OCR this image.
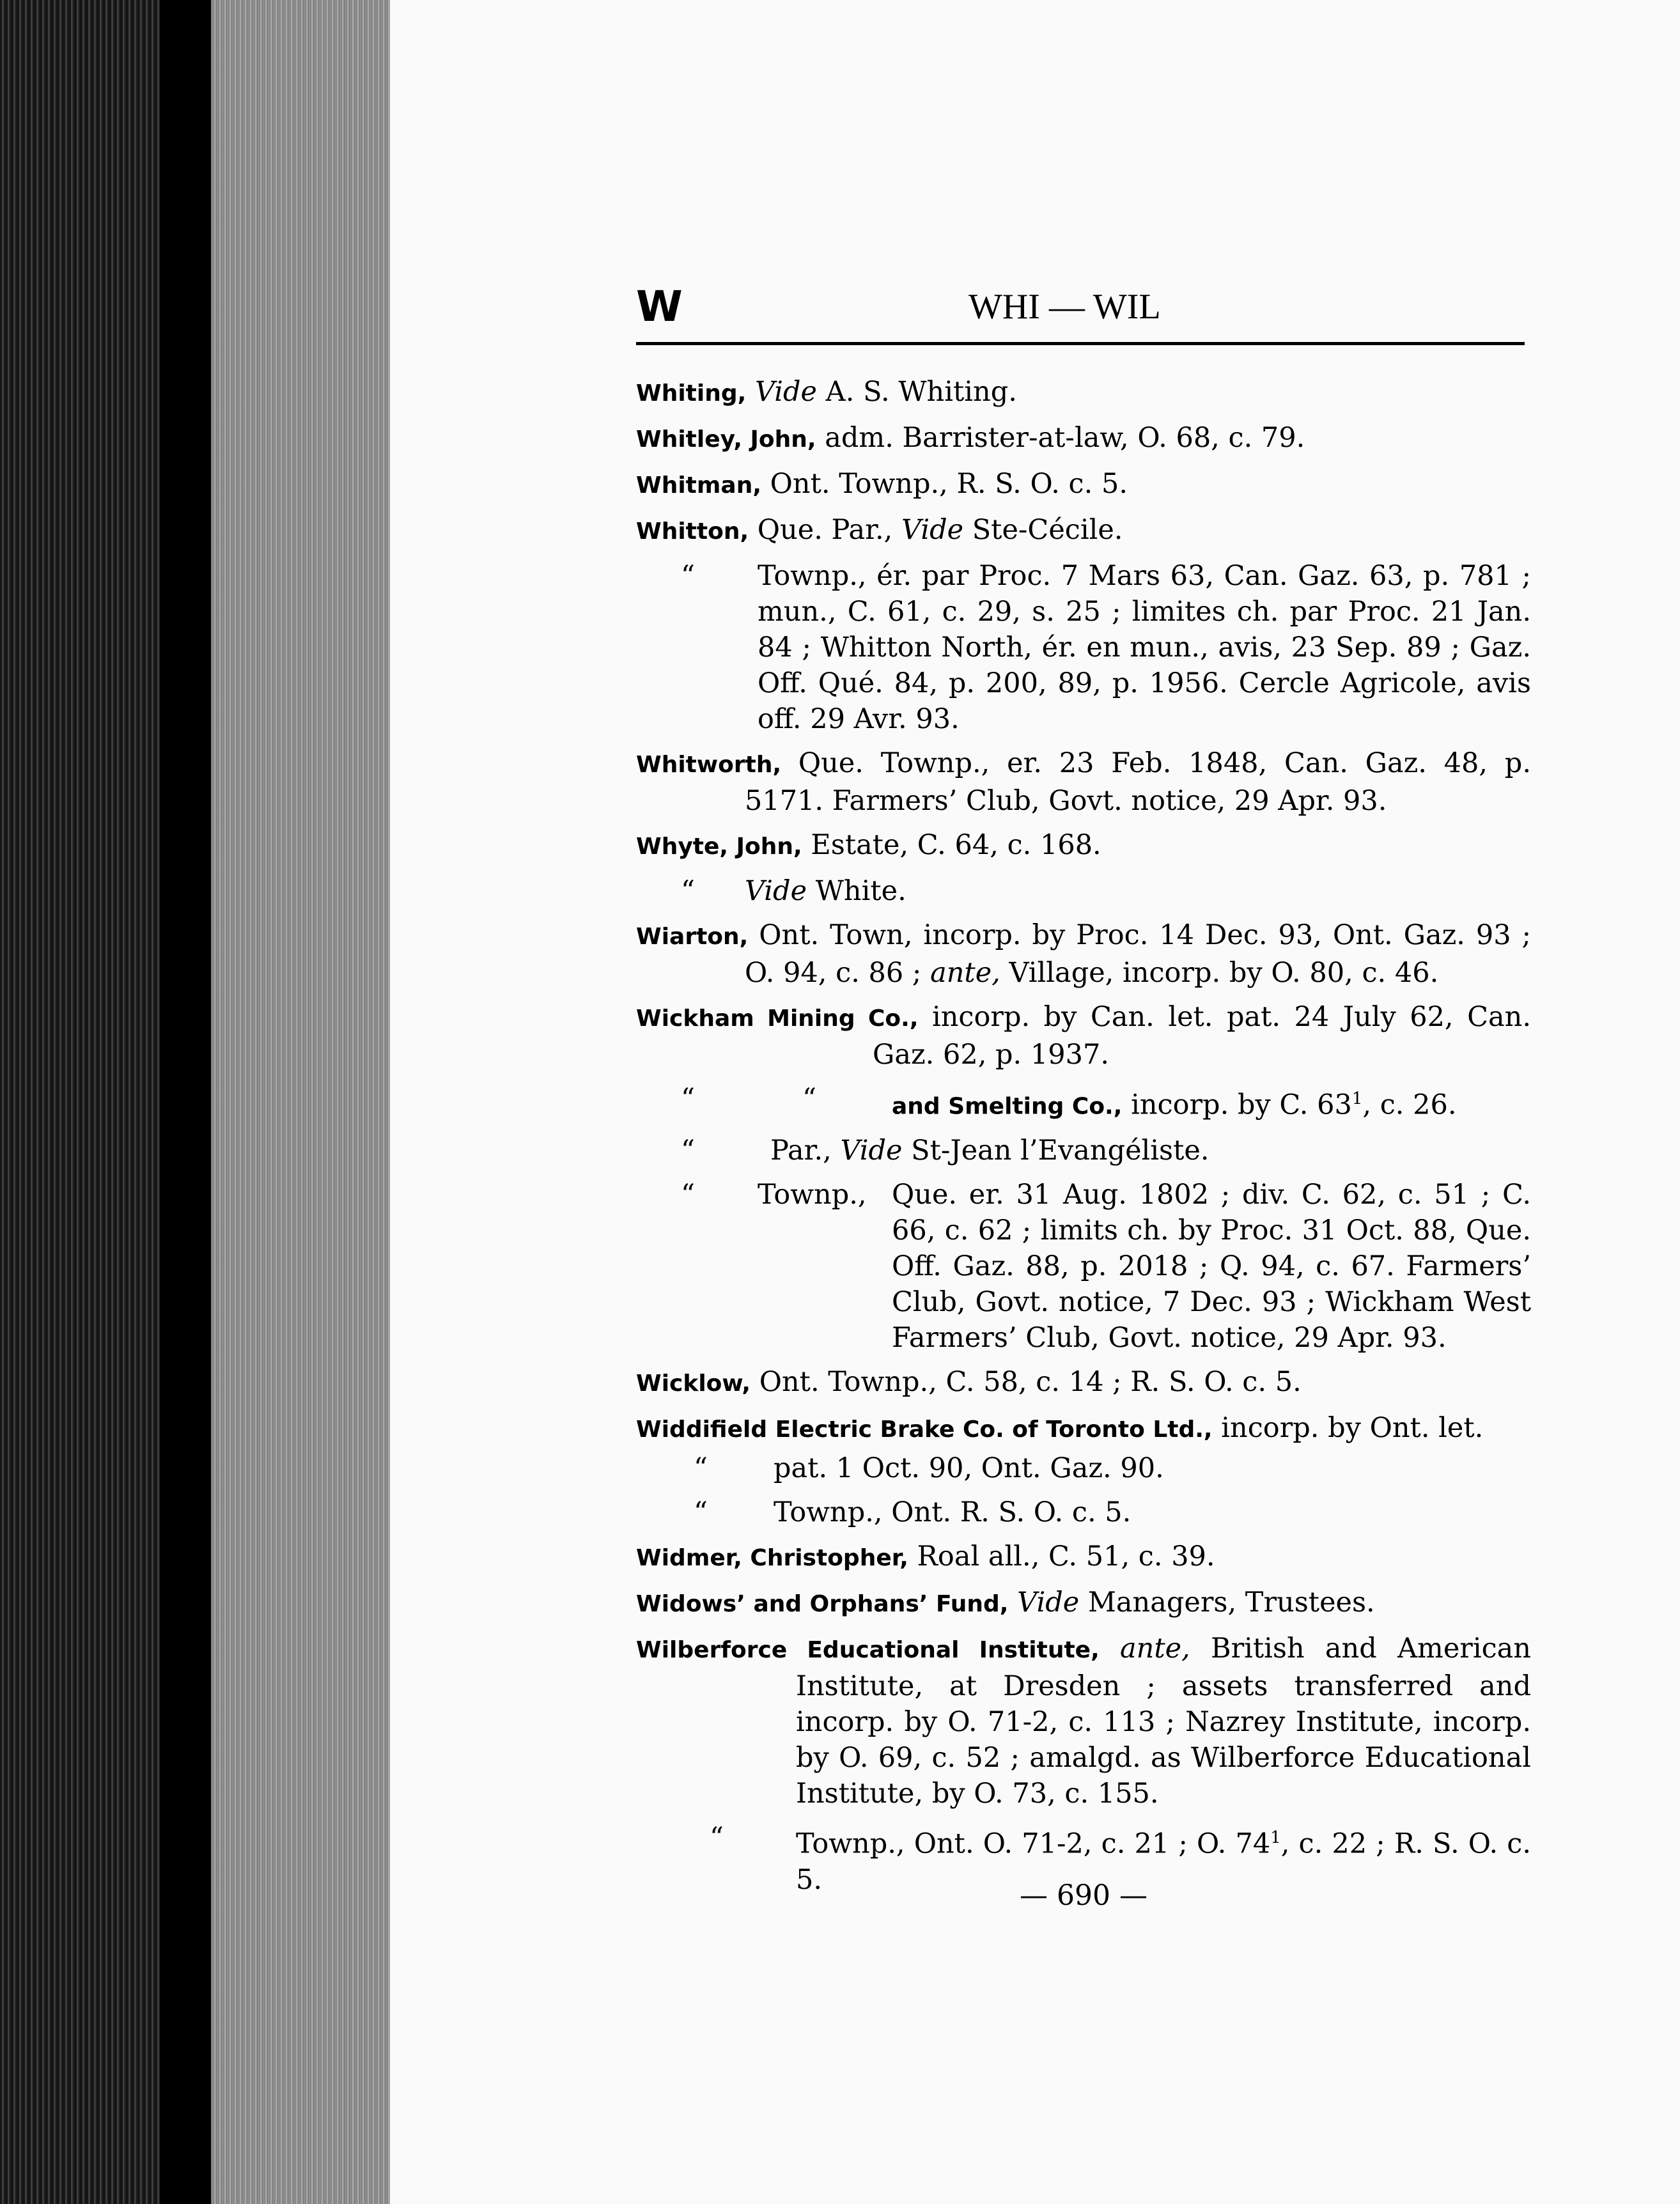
W	WHI — WIL
Whiting, Vide A. S. Whiting.
Whitley, John, adm. Barrister-at-law, O. 68, c. 79.
Whitman, Ont. Townp., R. S. O. c. 5.
Whitton, Que. Par., Vide Ste-Cécile.
“ Townp., ér. par Proc. 7 Mars 63, Can. Gaz. 63, p. 781 ; mun., C. 61, c. 29, s. 25 ; limites ch. par Proc. 21 Jan. 84 ; Whitton North, ér. en mun., avis, 23 Sep. 89 ; Gaz. Off. Qué. 84, p. 200, 89, p. 1956. Cercle Agricole, avis off. 29 Avr. 93.
Whitworth, Que. Townp., er. 23 Feb. 1848, Can. Gaz. 48, p. 5171. Farmers’ Club, Govt. notice, 29 Apr. 93.
Whyte, John, Estate, C. 64, c. 168.
“ Vide White.
Wiarton, Ont. Town, incorp. by Proc. 14 Dec. 93, Ont. Gaz. 93 ; O. 94, c. 86 ; ante, Village, incorp. by O. 80, c. 46.
Wickham Mining Co., incorp. by Can. let. pat. 24 July 62, Can. Gaz. 62, p. 1937.
“	“	and Smelting Co., incorp. by C. $63^1$, c. 26.
“	Par., Vide St-Jean l’Evangéliste.
“ Townp., Que. er. 31 Aug. 1802 ; div. C. 62, c. 51 ; C. 66, c. 62 ; limits ch. by Proc. 31 Oct. 88, Que. Off. Gaz. 88, p. 2018 ; Q. 94, c. 67. Farmers’ Club, Govt. notice, 7 Dec. 93 ; Wickham West Farmers’ Club, Govt. notice, 29 Apr. 93.
Wicklow, Ont. Townp., C. 58, c. 14 ; R. S. O. c. 5.
Widdifield Electric Brake Co. of Toronto Ltd., incorp. by Ont. let.
“ pat. 1 Oct. 90, Ont. Gaz. 90.
“ Townp., Ont. R. S. O. c. 5.
Widmer, Christopher, Roal all., C. 51, c. 39.
Widows’ and Orphans’ Fund, Vide Managers, Trustees.
Wilberforce Educational Institute, ante, British and American Institute, at Dresden ; assets transferred and incorp. by O. 71-2, c. 113 ; Nazrey Institute, incorp. by O. 69, c. 52 ; amalgd. as Wilberforce Educational Institute, by O. 73, c. 155.
“	Townp., Ont. O. 71-2, c. 21 ; O. $74^1$, c. 22 ; R. S. O. c. 5.	— 690 —
